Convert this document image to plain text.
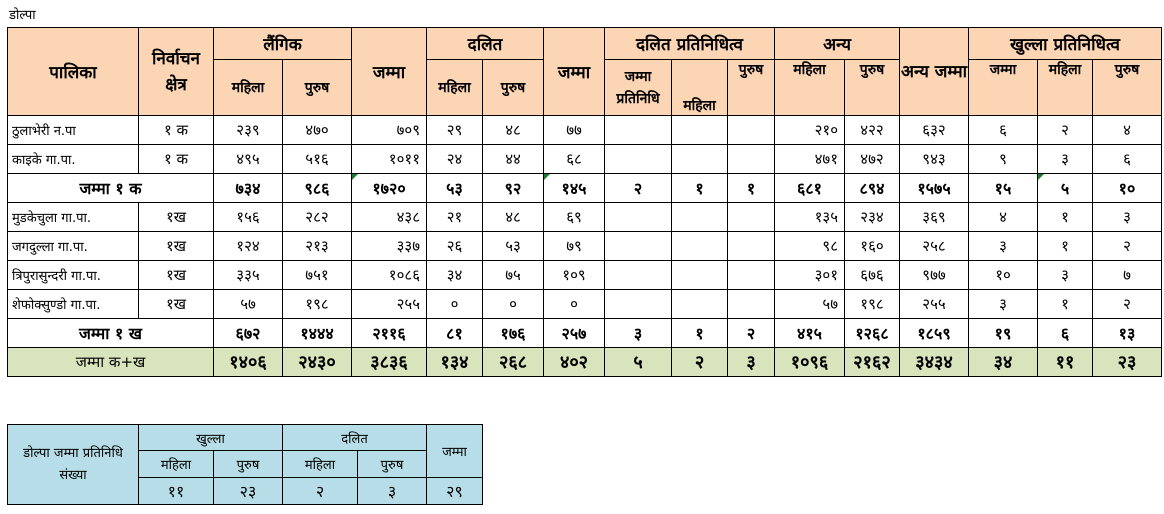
डोल्पा
पालिका	निर्वाचन क्षेत्र	लैंगिक		जम्मा	दलित		जम्मा	दलित प्रतिनिधित्व			अन्य		अन्य जम्मा	खुल्ला प्रतिनिधित्व		
		महिला	पुरुष		महिला	पुरुष		जम्मा प्रतिनिधि	महिला	पुरुष	महिला	पुरुष		जम्मा	महिला	पुरुष
ठुलाभेरी न.पा	१ क	२३९	४७०	७०९	२९	४८	७७				२१०	४२२	६३२	६	२	४
काइके गा.पा.	१ क	४९५	५१६	१०११	२४	४४	६८				४७१	४७२	९४३	९	३	६
जम्मा १ क		७३४	९८६	१७२०	५३	९२	१४५	२	१	१	६८१	८९४	१५७५	१५	५	१०
मुडकेचुला गा.पा.	१ख	१५६	२८२	४३८	२१	४८	६९				१३५	२३४	३६९	४	१	३
जगदुल्ला गा.पा.	१ख	१२४	२१३	३३७	२६	५३	७९				९८	१६०	२५८	३	१	२
त्रिपुरासुन्दरी गा.पा.	१ख	३३५	७५१	१०८६	३४	७५	१०९				३०१	६७६	९७७	१०	३	७
शेफोक्सुण्डो गा.पा.	१ख	५७	१९८	२५५	०	०	०				५७	१९८	२५५	३	१	२
जम्मा १ ख		६७२	१४४४	२११६	८१	१७६	२५७	३	१	२	४१५	१२६८	१८५९	१९	६	१३
जम्मा क+ख		१४०६	२४३०	३८३६	१३४	२६८	४०२	५	२	३	१०९६	२१६२	३४३४	३४	११	२३
डोल्पा जम्मा प्रतिनिधि संख्या	खुल्ला		दलित		जम्मा
	महिला	पुरुष	महिला	पुरुष	
	११	२३	२	३	२९
